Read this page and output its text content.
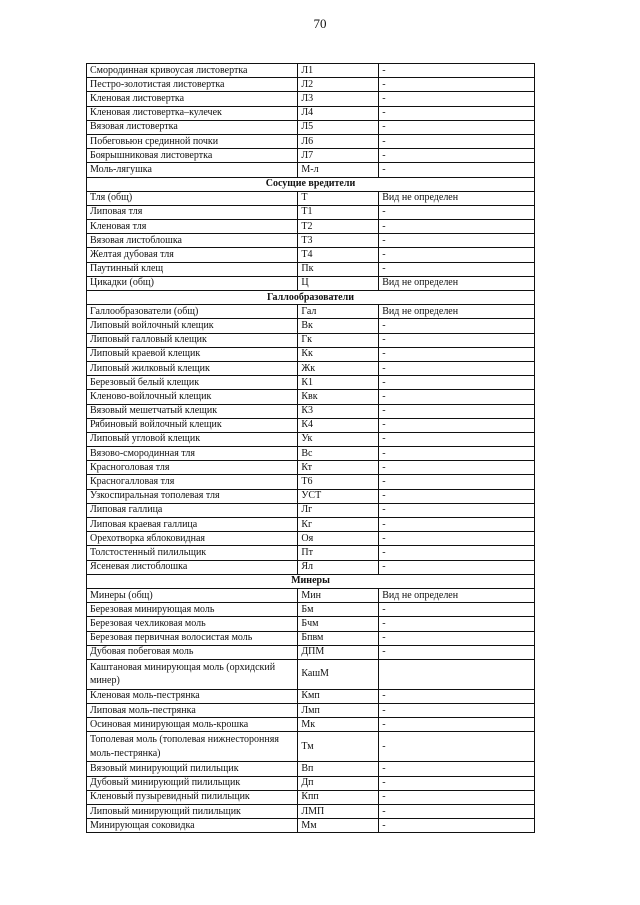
70
Смородинная кривоусая листовертка	Л1	-
Пестро-золотистая листовертка	Л2	-
Кленовая листовертка	Л3	-
Кленовая листовертка–кулечек	Л4	-
Вязовая листовертка	Л5	-
Побеговьюн срединной почки	Л6	-
Боярышниковая листовертка	Л7	-
Моль-лягушка	М-л	-
Сосущие вредители		
Тля (общ)	Т	Вид не определен
Липовая тля	Т1	-
Кленовая тля	Т2	-
Вязовая листоблошка	Т3	-
Желтая дубовая тля	Т4	-
Паутинный клещ	Пк	-
Цикадки (общ)	Ц	Вид не определен
Галлообразователи		
Галлообразователи (общ)	Гал	Вид не определен
Липовый войлочный клещик	Вк	-
Липовый галловый клещик	Гк	-
Липовый краевой клещик	Кк	-
Липовый жилковый клещик	Жк	-
Березовый белый клещик	К1	-
Кленово-войлочный клещик	Квк	-
Вязовый мешетчатый клещик	К3	-
Рябиновый войлочный клещик	К4	-
Липовый угловой клещик	Ук	-
Вязово-смородинная тля	Вс	-
Красноголовая тля	Кт	-
Красногалловая тля	Т6	-
Узкоспиральная тополевая тля	УСТ	-
Липовая галлица	Лг	-
Липовая краевая галлица	Кг	-
Орехотворка яблоковидная	Оя	-
Толстостенный пилильщик	Пт	-
Ясеневая листоблошка	Ял	-
Минеры		
Минеры (общ)	Мин	Вид не определен
Березовая минирующая моль	Бм	-
Березовая чехликовая моль	Бчм	-
Березовая первичная волосистая моль	Бпвм	-
Дубовая побеговая моль	ДПМ	-
Каштановая минирующая моль (орхидский минер)	КашМ	
Кленовая моль-пестрянка	Кмп	-
Липовая моль-пестрянка	Лмп	-
Осиновая минирующая моль-крошка	Мк	-
Тополевая моль (тополевая нижнесторонняя моль-пестрянка)	Тм	-
Вязовый минирующий пилильщик	Вп	-
Дубовый минирующий пилильщик	Дп	-
Кленовый пузыревидный пилильщик	Кпп	-
Липовый минирующий пилильщик	ЛМП	-
Минирующая соковидка	Мм	-
